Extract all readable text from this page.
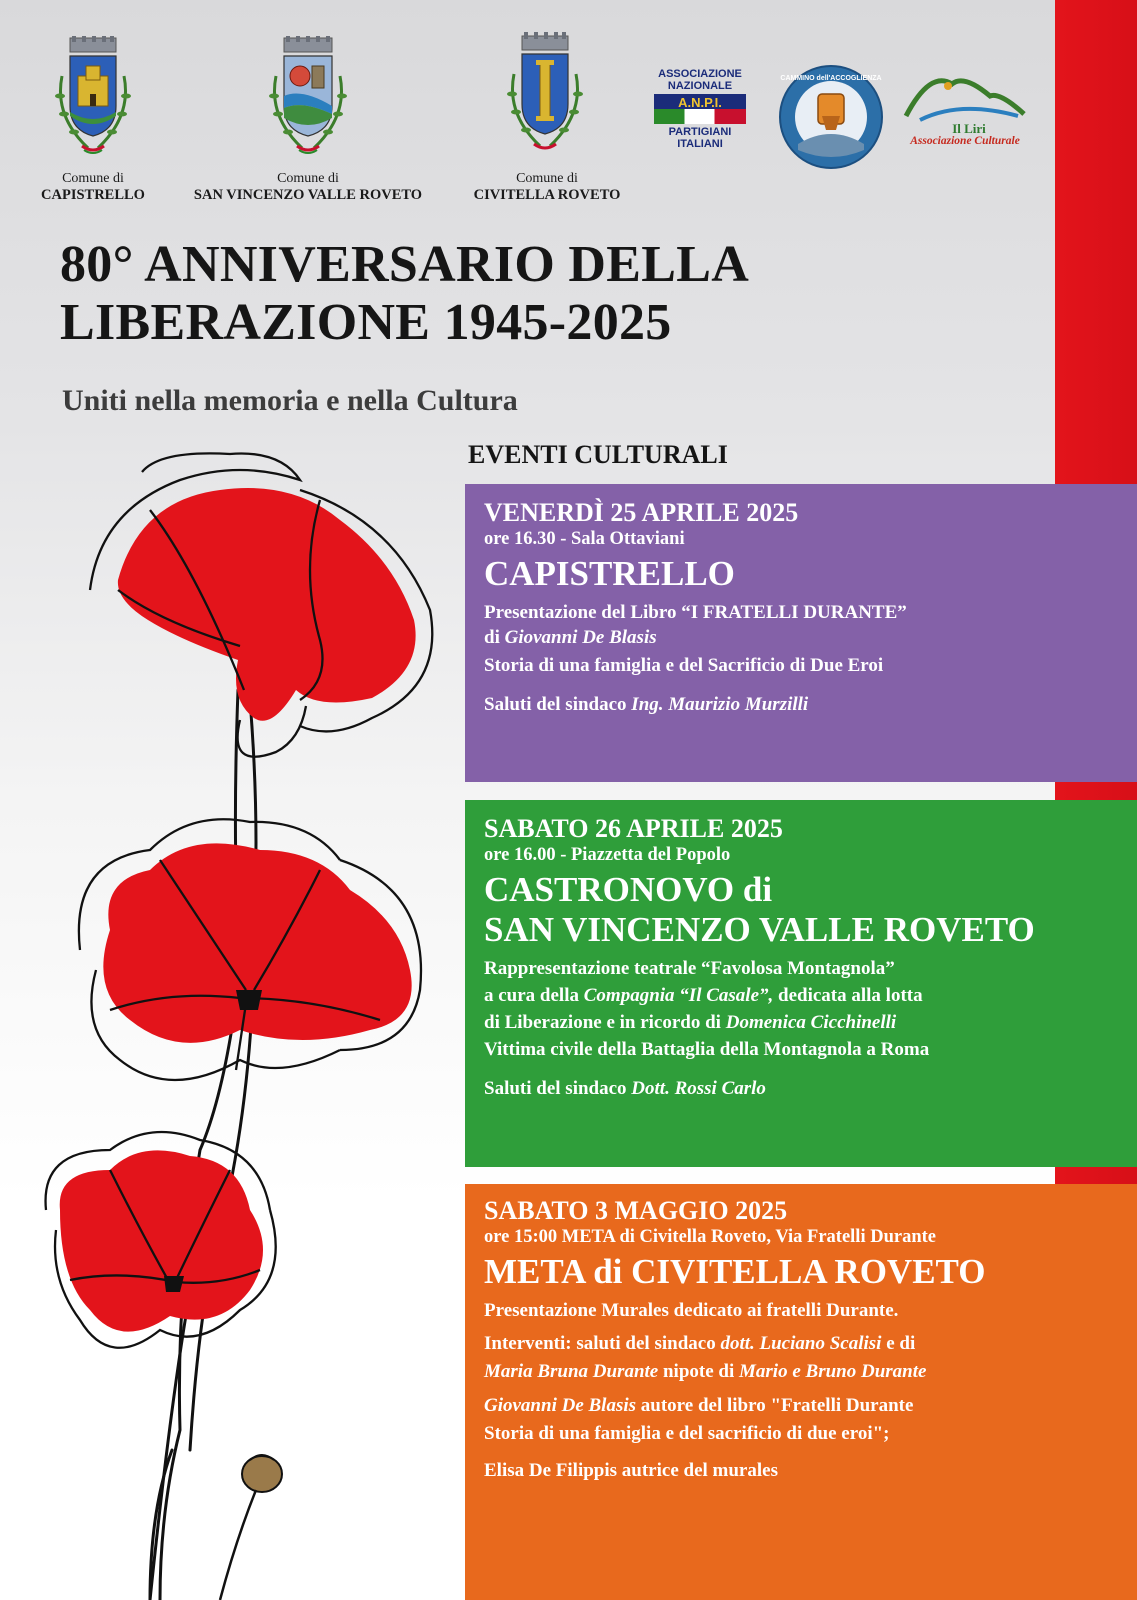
Comune di
CAPISTRELLO
Comune di
SAN VINCENZO VALLE ROVETO
Comune di
CIVITELLA ROVETO
ASSOCIAZIONE NAZIONALE
A.N.P.I.
PARTIGIANI ITALIANI
CAMMINO dell'ACCOGLIENZA
Il Liri
Associazione Culturale
80° ANNIVERSARIO DELLA
LIBERAZIONE 1945-2025
Uniti nella memoria e nella Cultura
EVENTI CULTURALI
VENERDÌ 25 APRILE 2025
ore 16.30 - Sala Ottaviani
CAPISTRELLO
Presentazione del Libro “I FRATELLI DURANTE”
di Giovanni De Blasis
Storia di una famiglia e del Sacrificio di Due Eroi
Saluti del sindaco Ing. Maurizio Murzilli
SABATO 26 APRILE 2025
ore 16.00 - Piazzetta del Popolo
CASTRONOVO di
SAN VINCENZO VALLE ROVETO
Rappresentazione teatrale “Favolosa Montagnola”
a cura della Compagnia “Il Casale”, dedicata alla lotta
di Liberazione e in ricordo di Domenica Cicchinelli
Vittima civile della Battaglia della Montagnola a Roma
Saluti del sindaco Dott. Rossi Carlo
SABATO 3 MAGGIO 2025
ore 15:00 META di Civitella Roveto, Via Fratelli Durante
META di CIVITELLA ROVETO
Presentazione Murales dedicato ai fratelli Durante.
Interventi: saluti del sindaco dott. Luciano Scalisi e di
Maria Bruna Durante nipote di Mario e Bruno Durante
Giovanni De Blasis autore del libro "Fratelli Durante
Storia di una famiglia e del sacrificio di due eroi";
Elisa De Filippis autrice del murales
